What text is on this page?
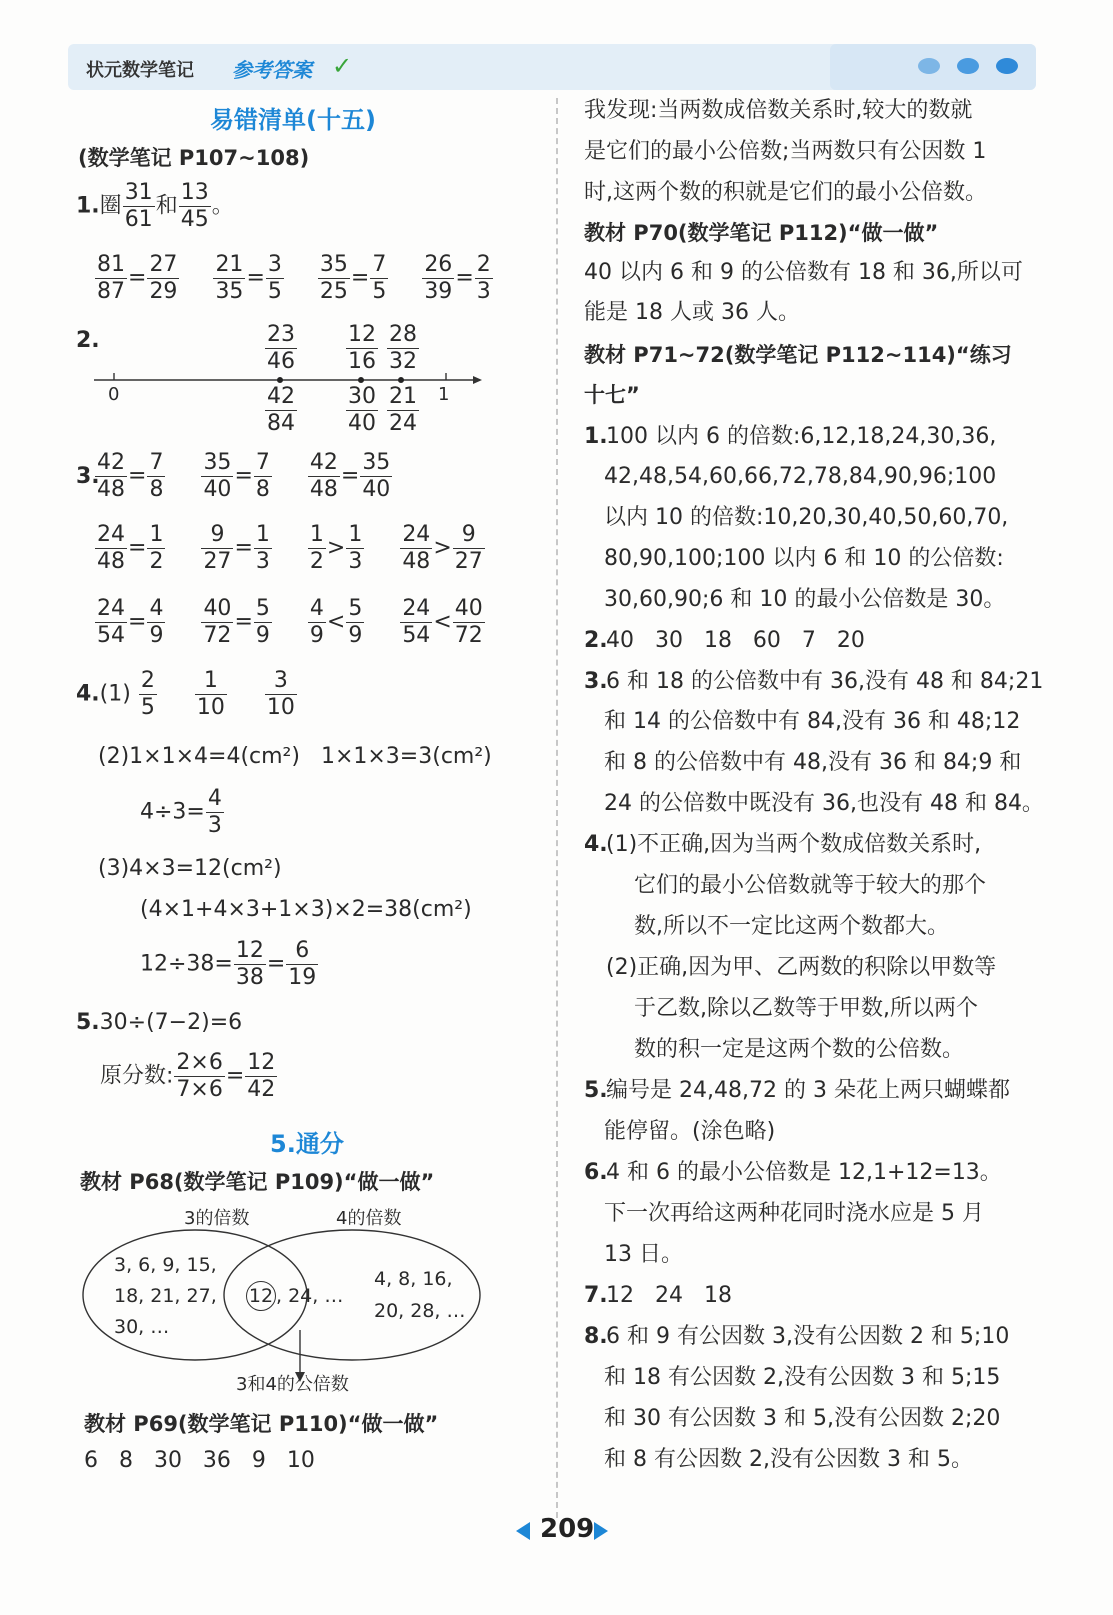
状元数学笔记 参考答案 ✓

易错清单(十五)
(数学笔记 P107~108)
1.圈 $\frac{31}{61}$ 和 $\frac{13}{45}$ 。
$\frac{81}{87} = \frac{27}{29}$
$\frac{21}{35} = \frac{3}{5}$
$\frac{35}{25} = \frac{7}{5}$
$\frac{26}{39} = \frac{2}{3}$
2.
0	1
$\frac{23}{46} \frac{12}{16} \frac{28}{32}$
$\frac{42}{84} \frac{30}{40} \frac{21}{24}$
3.
$\frac{42}{48} = \frac{7}{8}$
$\frac{35}{40} = \frac{7}{8}$
$\frac{42}{48} = \frac{35}{40}$
$\frac{24}{48} = \frac{1}{2}$
$\frac{9}{27} = \frac{1}{3}$
$\frac{1}{2} > \frac{1}{3}$
$\frac{24}{48} > \frac{9}{27}$
$\frac{24}{54} = \frac{4}{9}$
$\frac{40}{72} = \frac{5}{9}$
$\frac{4}{9} < \frac{5}{9}$
$\frac{24}{54} < \frac{40}{72}$
$4.(1) \frac{2}{5}$
$\frac{1}{10}$
$\frac{3}{10}$
(2)1×1×4=4(cm²)   1×1×3=3(cm²)
$4\div 3= \frac{4}{3}$
(3)4×3=12(cm²)
(4×1+4×3+1×3)×2=38(cm²)
$12\div 38= \frac{12}{38} = \frac{6}{19}$
5.30÷(7−2)=6
原分数: $\frac{2\times 6}{7\times 6} = \frac{12}{42}$
5.通分
教材 P68(数学笔记 P109)“做一做”
3的倍数	4的倍数
3, 6, 9, 15,
18, 21, 27,
30, …
12 , 24, …
4, 8, 16,
20, 28, …
3和4的公倍数
教材 P69(数学笔记 P110)“做一做”
6   8   30   36   9   10
我发现:当两数成倍数关系时,较大的数就
是它们的最小公倍数;当两数只有公因数 1
时,这两个数的积就是它们的最小公倍数。
教材 P70(数学笔记 P112)“做一做”
40 以内 6 和 9 的公倍数有 18 和 36,所以可
能是 18 人或 36 人。
教材 P71~72(数学笔记 P112~114)“练习
十七”
1.
100 以内 6 的倍数:6,12,18,24,30,36,
42,48,54,60,66,72,78,84,90,96;100
以内 10 的倍数:10,20,30,40,50,60,70,
80,90,100;100 以内 6 和 10 的公倍数:
30,60,90;6 和 10 的最小公倍数是 30。
2.
40   30   18   60   7   20
3.
6 和 18 的公倍数中有 36,没有 48 和 84;21
和 14 的公倍数中有 84,没有 36 和 48;12
和 8 的公倍数中有 48,没有 36 和 84;9 和
24 的公倍数中既没有 36,也没有 48 和 84。
4.
(1)不正确,因为当两个数成倍数关系时,
它们的最小公倍数就等于较大的那个
数,所以不一定比这两个数都大。
(2)正确,因为甲、乙两数的积除以甲数等
于乙数,除以乙数等于甲数,所以两个
数的积一定是这两个数的公倍数。
5.
编号是 24,48,72 的 3 朵花上两只蝴蝶都
能停留。(涂色略)
6.
4 和 6 的最小公倍数是 12,1+12=13。
下一次再给这两种花同时浇水应是 5 月
13 日。
7.
12   24   18
8.
6 和 9 有公因数 3,没有公因数 2 和 5;10
和 18 有公因数 2,没有公因数 3 和 5;15
和 30 有公因数 3 和 5,没有公因数 2;20
和 8 有公因数 2,没有公因数 3 和 5。
209
